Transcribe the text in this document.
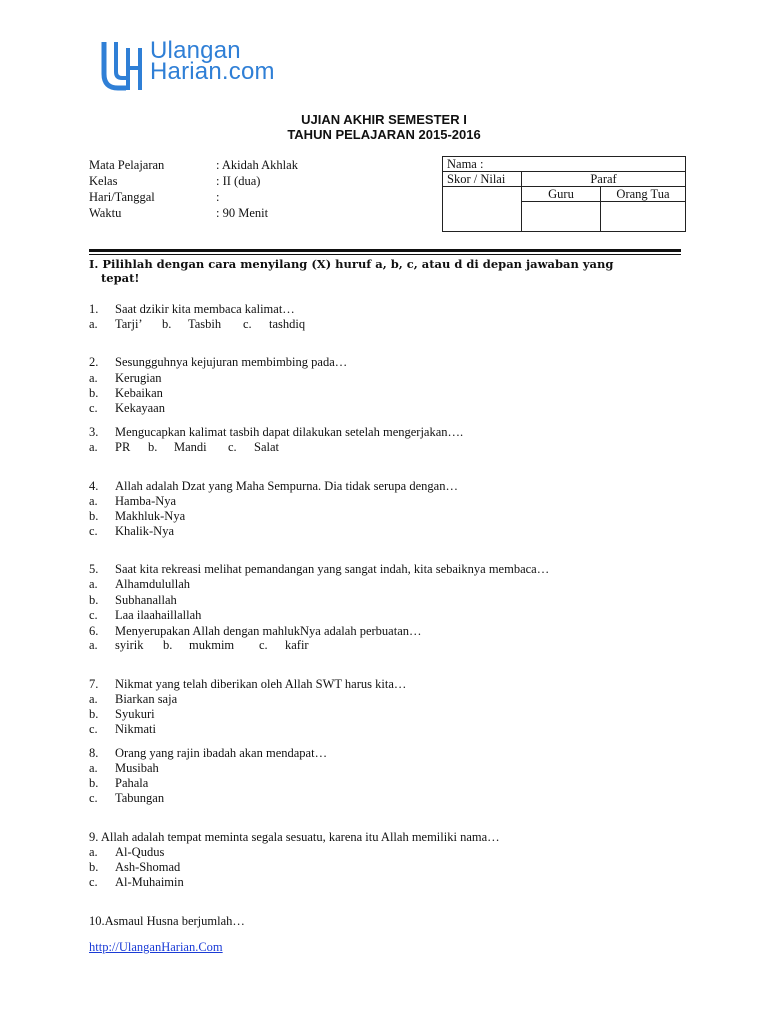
Ulangan
Harian.com
UJIAN AKHIR SEMESTER I
TAHUN PELAJARAN 2015-2016
Mata Pelajaran	: Akidah Akhlak
Kelas	: II (dua)
Hari/Tanggal	:
Waktu	: 90 Menit
Nama :		
Skor / Nilai	Paraf	
	Guru	Orang Tua

I. Pilihlah dengan cara menyilang (X) huruf a, b, c, atau d di depan jawaban yang
tepat!
1. Saat dzikir kita membaca kalimat…
a. Tarji’ b. Tasbih c. tashdiq
2. Sesungguhnya kejujuran membimbing pada…
a. Kerugian
b. Kebaikan
c. Kekayaan
3. Mengucapkan kalimat tasbih dapat dilakukan setelah mengerjakan….
a. PR b. Mandi c. Salat
4. Allah adalah Dzat yang Maha Sempurna. Dia tidak serupa dengan…
a. Hamba-Nya
b. Makhluk-Nya
c. Khalik-Nya
5. Saat kita rekreasi melihat pemandangan yang sangat indah, kita sebaiknya membaca…
a. Alhamdulullah
b. Subhanallah
c. Laa ilaahaillallah
6. Menyerupakan Allah dengan mahlukNya adalah perbuatan…
a. syirik b. mukmim c. kafir
7. Nikmat yang telah diberikan oleh Allah SWT harus kita…
a. Biarkan saja
b. Syukuri
c. Nikmati
8. Orang yang rajin ibadah akan mendapat…
a. Musibah
b. Pahala
c. Tabungan
9. Allah adalah tempat meminta segala sesuatu, karena itu Allah memiliki nama…
a. Al-Qudus
b. Ash-Shomad
c. Al-Muhaimin
10.Asmaul Husna berjumlah…
http://UlanganHarian.Com
